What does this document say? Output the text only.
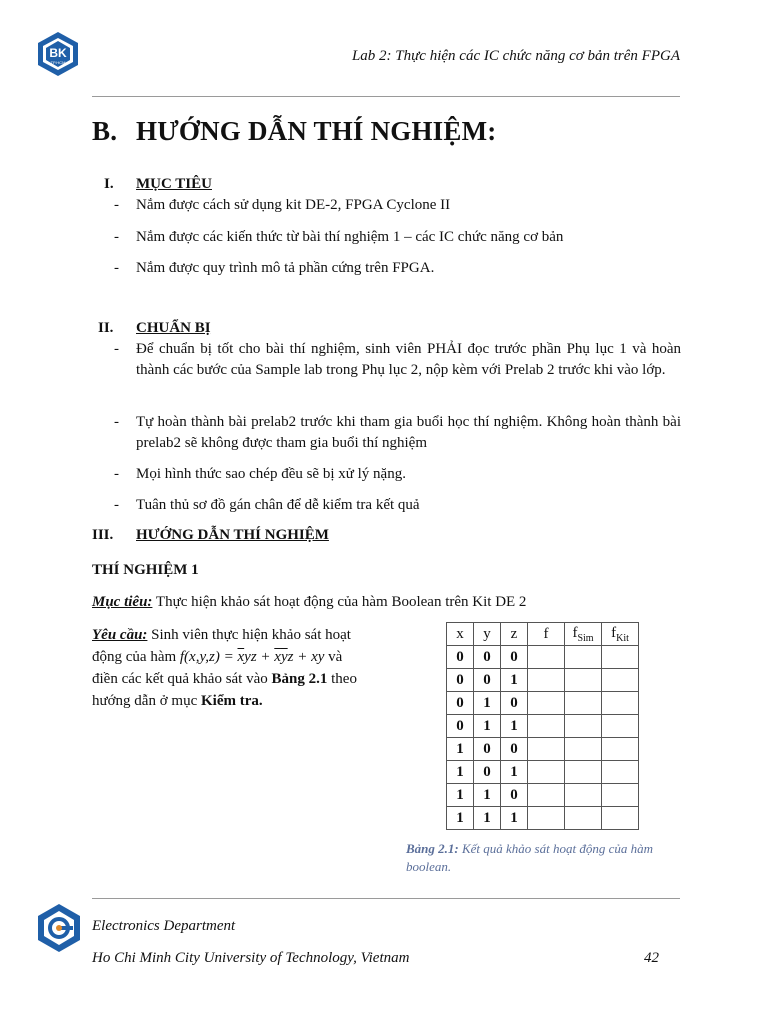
BK
TP.HCM	Lab 2: Thực hiện các IC chức năng cơ bản trên FPGA
B. HƯỚNG DẪN THÍ NGHIỆM:
I. MỤC TIÊU
- Nắm được cách sử dụng kit DE-2, FPGA Cyclone II
- Nắm được các kiến thức từ bài thí nghiệm 1 – các IC chức năng cơ bản
- Nắm được quy trình mô tả phần cứng trên FPGA.
II. CHUẨN BỊ
- Để chuẩn bị tốt cho bài thí nghiệm, sinh viên PHẢI đọc trước phần Phụ lục 1 và hoàn thành các bước của Sample lab trong Phụ lục 2, nộp kèm với Prelab 2 trước khi vào lớp.
- Tự hoàn thành bài prelab2 trước khi tham gia buổi học thí nghiệm. Không hoàn thành bài prelab2 sẽ không được tham gia buổi thí nghiệm
- Mọi hình thức sao chép đều sẽ bị xử lý nặng.
- Tuân thủ sơ đồ gán chân để dễ kiểm tra kết quả
III. HƯỚNG DẪN THÍ NGHIỆM
THÍ NGHIỆM 1
Mục tiêu: Thực hiện khảo sát hoạt động của hàm Boolean trên Kit DE 2
Yêu cầu: Sinh viên thực hiện khảo sát hoạt động của hàm $f(x,y,z) = \overline{x}yz + \overline{x}\overline{y}z$ + xy và điền các kết quả khảo sát vào Bảng 2.1 theo hướng dẫn ở mục Kiểm tra.
x	y	z	f	$f_{Sim}$	$f_{Kit}$
0	0	0			
0	0	1			
0	1	0			
0	1	1			
1	0	0			
1	0	1			
1	1	0			
1	1	1			
Bảng 2.1: Kết quả khảo sát hoạt động của hàm boolean.
Electronics Department
Ho Chi Minh City University of Technology, Vietnam	42
